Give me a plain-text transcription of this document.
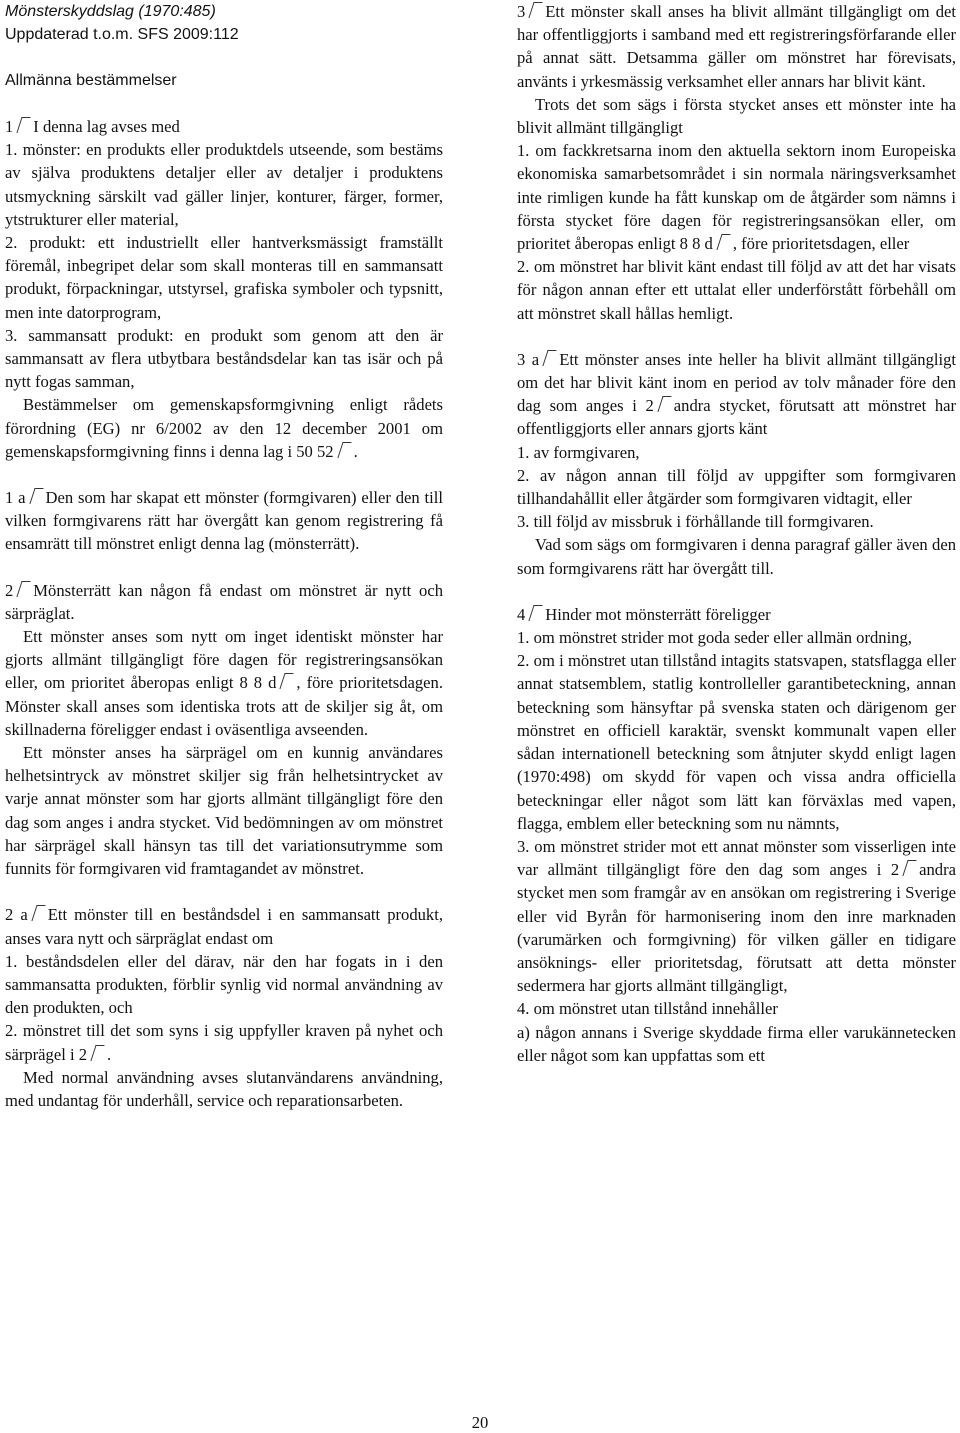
Mönsterskyddslag (1970:485)

Uppdaterad t.o.m. SFS 2009:112

Allmänna bestämmelser

1 I denna lag avses med

1. mönster: en produkts eller produktdels utseende, som bestäms av själva produktens detaljer eller av detaljer i produktens utsmyckning särskilt vad gäller linjer, konturer, färger, former, ytstrukturer eller material,

2. produkt: ett industriellt eller hantverksmässigt framställt föremål, inbegripet delar som skall monteras till en sammansatt produkt, förpackningar, utstyrsel, grafiska symboler och typsnitt, men inte datorprogram,

3. sammansatt produkt: en produkt som genom att den är sammansatt av flera utbytbara beståndsdelar kan tas isär och på nytt fogas samman,

Bestämmelser om gemenskapsformgivning enligt rådets förordning (EG) nr 6/2002 av den 12 december 2001 om gemenskapsformgivning finns i denna lag i 50 52 .

1 a Den som har skapat ett mönster (formgivaren) eller den till vilken formgivarens rätt har övergått kan genom registrering få ensamrätt till mönstret enligt denna lag (mönsterrätt).

2 Mönsterrätt kan någon få endast om mönstret är nytt och särpräglat.

Ett mönster anses som nytt om inget identiskt mönster har gjorts allmänt tillgängligt före dagen för registreringsansökan eller, om prioritet åberopas enligt 8 8 d , före prioritetsdagen. Mönster skall anses som identiska trots att de skiljer sig åt, om skillnaderna föreligger endast i oväsentliga avseenden.

Ett mönster anses ha särprägel om en kunnig användares helhetsintryck av mönstret skiljer sig från helhetsintrycket av varje annat mönster som har gjorts allmänt tillgängligt före den dag som anges i andra stycket. Vid bedömningen av om mönstret har särprägel skall hänsyn tas till det variationsutrymme som funnits för formgivaren vid framtagandet av mönstret.

2 a Ett mönster till en beståndsdel i en sammansatt produkt, anses vara nytt och särpräglat endast om

1. beståndsdelen eller del därav, när den har fogats in i den sammansatta produkten, förblir synlig vid normal användning av den produkten, och

2. mönstret till det som syns i sig uppfyller kraven på nyhet och särprägel i 2 .

Med normal användning avses slutanvändarens användning, med undantag för underhåll, service och reparationsarbeten.

3 Ett mönster skall anses ha blivit allmänt tillgängligt om det har offentliggjorts i samband med ett registreringsförfarande eller på annat sätt. Detsamma gäller om mönstret har förevisats, använts i yrkesmässig verksamhet eller annars har blivit känt.

Trots det som sägs i första stycket anses ett mönster inte ha blivit allmänt tillgängligt

1. om fackkretsarna inom den aktuella sektorn inom Europeiska ekonomiska samarbetsområdet i sin normala näringsverksamhet inte rimligen kunde ha fått kunskap om de åtgärder som nämns i första stycket före dagen för registreringsansökan eller, om prioritet åberopas enligt 8 8 d , före prioritetsdagen, eller

2. om mönstret har blivit känt endast till följd av att det har visats för någon annan efter ett uttalat eller underförstått förbehåll om att mönstret skall hållas hemligt.

3 a Ett mönster anses inte heller ha blivit allmänt tillgängligt om det har blivit känt inom en period av tolv månader före den dag som anges i 2 andra stycket, förutsatt att mönstret har offentliggjorts eller annars gjorts känt

1. av formgivaren,

2. av någon annan till följd av uppgifter som formgivaren tillhandahållit eller åtgärder som formgivaren vidtagit, eller

3. till följd av missbruk i förhållande till formgivaren.

Vad som sägs om formgivaren i denna paragraf gäller även den som formgivarens rätt har övergått till.

4 Hinder mot mönsterrätt föreligger

1. om mönstret strider mot goda seder eller allmän ordning,

2. om i mönstret utan tillstånd intagits statsvapen, statsflagga eller annat statsemblem, statlig kontrolleller garantibeteckning, annan beteckning som hänsyftar på svenska staten och därigenom ger mönstret en officiell karaktär, svenskt kommunalt vapen eller sådan internationell beteckning som åtnjuter skydd enligt lagen (1970:498) om skydd för vapen och vissa andra officiella beteckningar eller något som lätt kan förväxlas med vapen, flagga, emblem eller beteckning som nu nämnts,

3. om mönstret strider mot ett annat mönster som visserligen inte var allmänt tillgängligt före den dag som anges i 2 andra stycket men som framgår av en ansökan om registrering i Sverige eller vid Byrån för harmonisering inom den inre marknaden (varumärken och formgivning) för vilken gäller en tidigare ansöknings- eller prioritetsdag, förutsatt att detta mönster sedermera har gjorts allmänt tillgängligt,

4. om mönstret utan tillstånd innehåller

a) någon annans i Sverige skyddade firma eller varukännetecken eller något som kan uppfattas som ett

20
